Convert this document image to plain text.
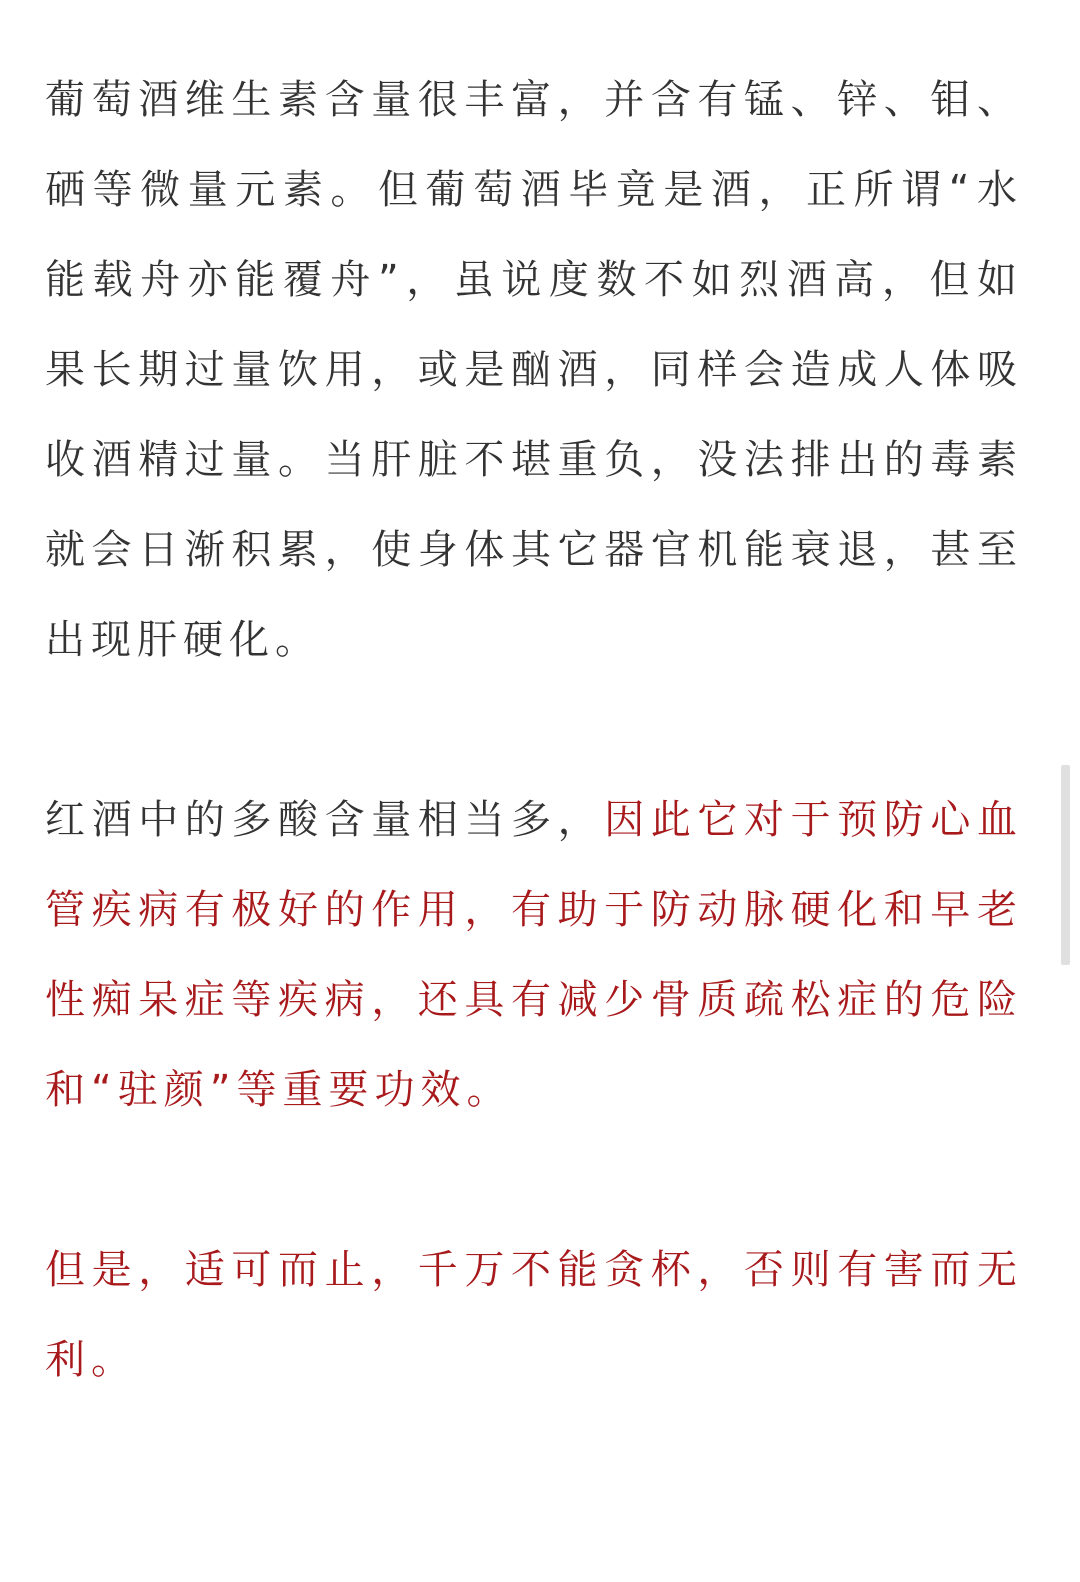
葡萄酒维生素含量很丰富，并含有锰、锌、钼、
硒等微量元素。但葡萄酒毕竟是酒，正所谓“水
能载舟亦能覆舟”，虽说度数不如烈酒高，但如
果长期过量饮用，或是酗酒，同样会造成人体吸
收酒精过量。当肝脏不堪重负，没法排出的毒素
就会日渐积累，使身体其它器官机能衰退，甚至
出现肝硬化。
红酒中的多酸含量相当多，因此它对于预防心血
管疾病有极好的作用，有助于防动脉硬化和早老
性痴呆症等疾病，还具有减少骨质疏松症的危险
和“驻颜”等重要功效。
但是，适可而止，千万不能贪杯，否则有害而无
利。
